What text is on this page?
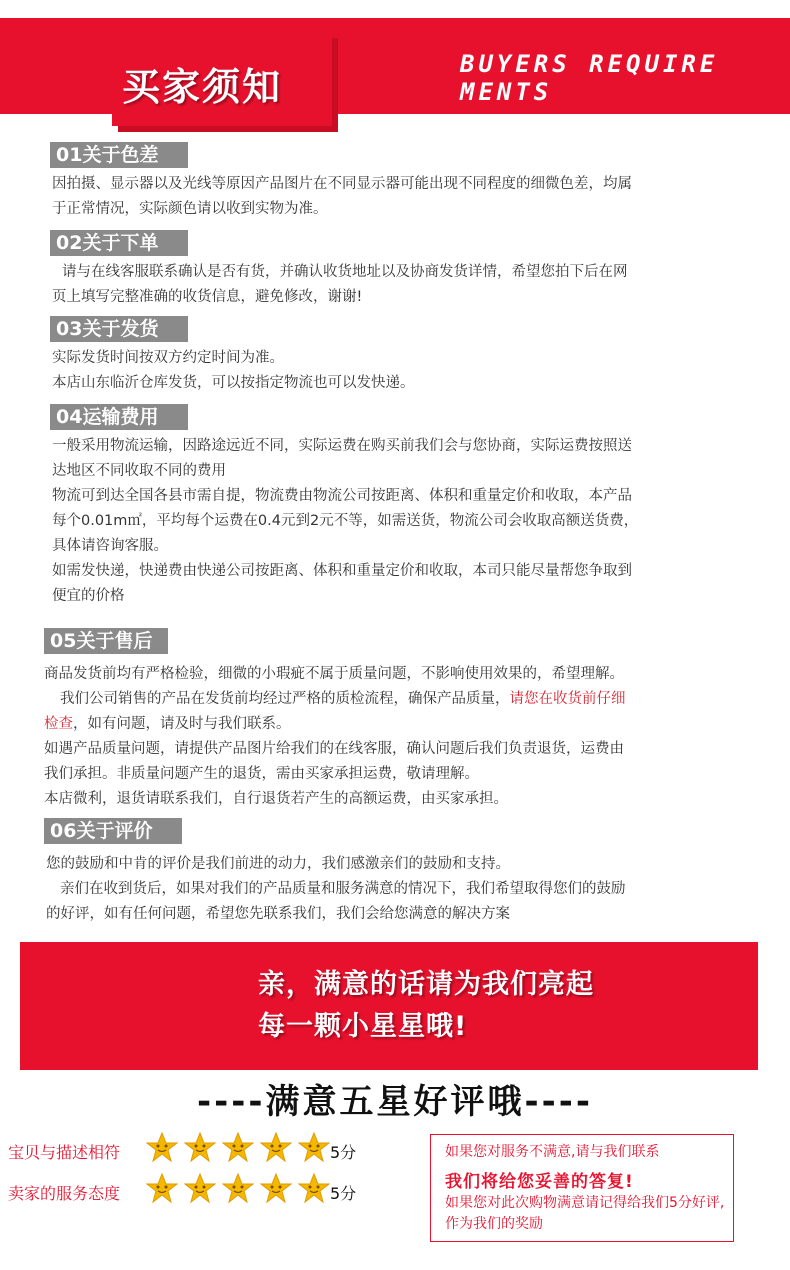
买家须知
BUYERS REQUIRE MENTS
01关于色差
因拍摄、显示器以及光线等原因产品图片在不同显示器可能出现不同程度的细微色差，均属
于正常情况，实际颜色请以收到实物为准。
02关于下单
请与在线客服联系确认是否有货，并确认收货地址以及协商发货详情，希望您拍下后在网
页上填写完整准确的收货信息，避免修改，谢谢!
03关于发货
实际发货时间按双方约定时间为准。
本店山东临沂仓库发货，可以按指定物流也可以发快递。
04运输费用
一般采用物流运输，因路途远近不同，实际运费在购买前我们会与您协商，实际运费按照送
达地区不同收取不同的费用
物流可到达全国各县市需自提，物流费由物流公司按距离、体积和重量定价和收取，本产品
每个0.01m㎡，平均每个运费在0.4元到2元不等，如需送货，物流公司会收取高额送货费，
具体请咨询客服。
如需发快递，快递费由快递公司按距离、体积和重量定价和收取，本司只能尽量帮您争取到
便宜的价格
05关于售后
商品发货前均有严格检验，细微的小瑕疵不属于质量问题，不影响使用效果的，希望理解。
我们公司销售的产品在发货前均经过严格的质检流程，确保产品质量，请您在收货前仔细
检查，如有问题，请及时与我们联系。
如遇产品质量问题，请提供产品图片给我们的在线客服，确认问题后我们负责退货，运费由
我们承担。非质量问题产生的退货，需由买家承担运费，敬请理解。
本店微利，退货请联系我们，自行退货若产生的高额运费，由买家承担。
06关于评价
您的鼓励和中肯的评价是我们前进的动力，我们感激亲们的鼓励和支持。
亲们在收到货后，如果对我们的产品质量和服务满意的情况下，我们希望取得您们的鼓励
的好评，如有任何问题，希望您先联系我们，我们会给您满意的解决方案
亲，满意的话请为我们亮起
每一颗小星星哦!
----满意五星好评哦----
宝贝与描述相符	5分
卖家的服务态度	5分
如果您对服务不满意,请与我们联系
我们将给您妥善的答复!
如果您对此次购物满意请记得给我们5分好评,作为我们的奖励
